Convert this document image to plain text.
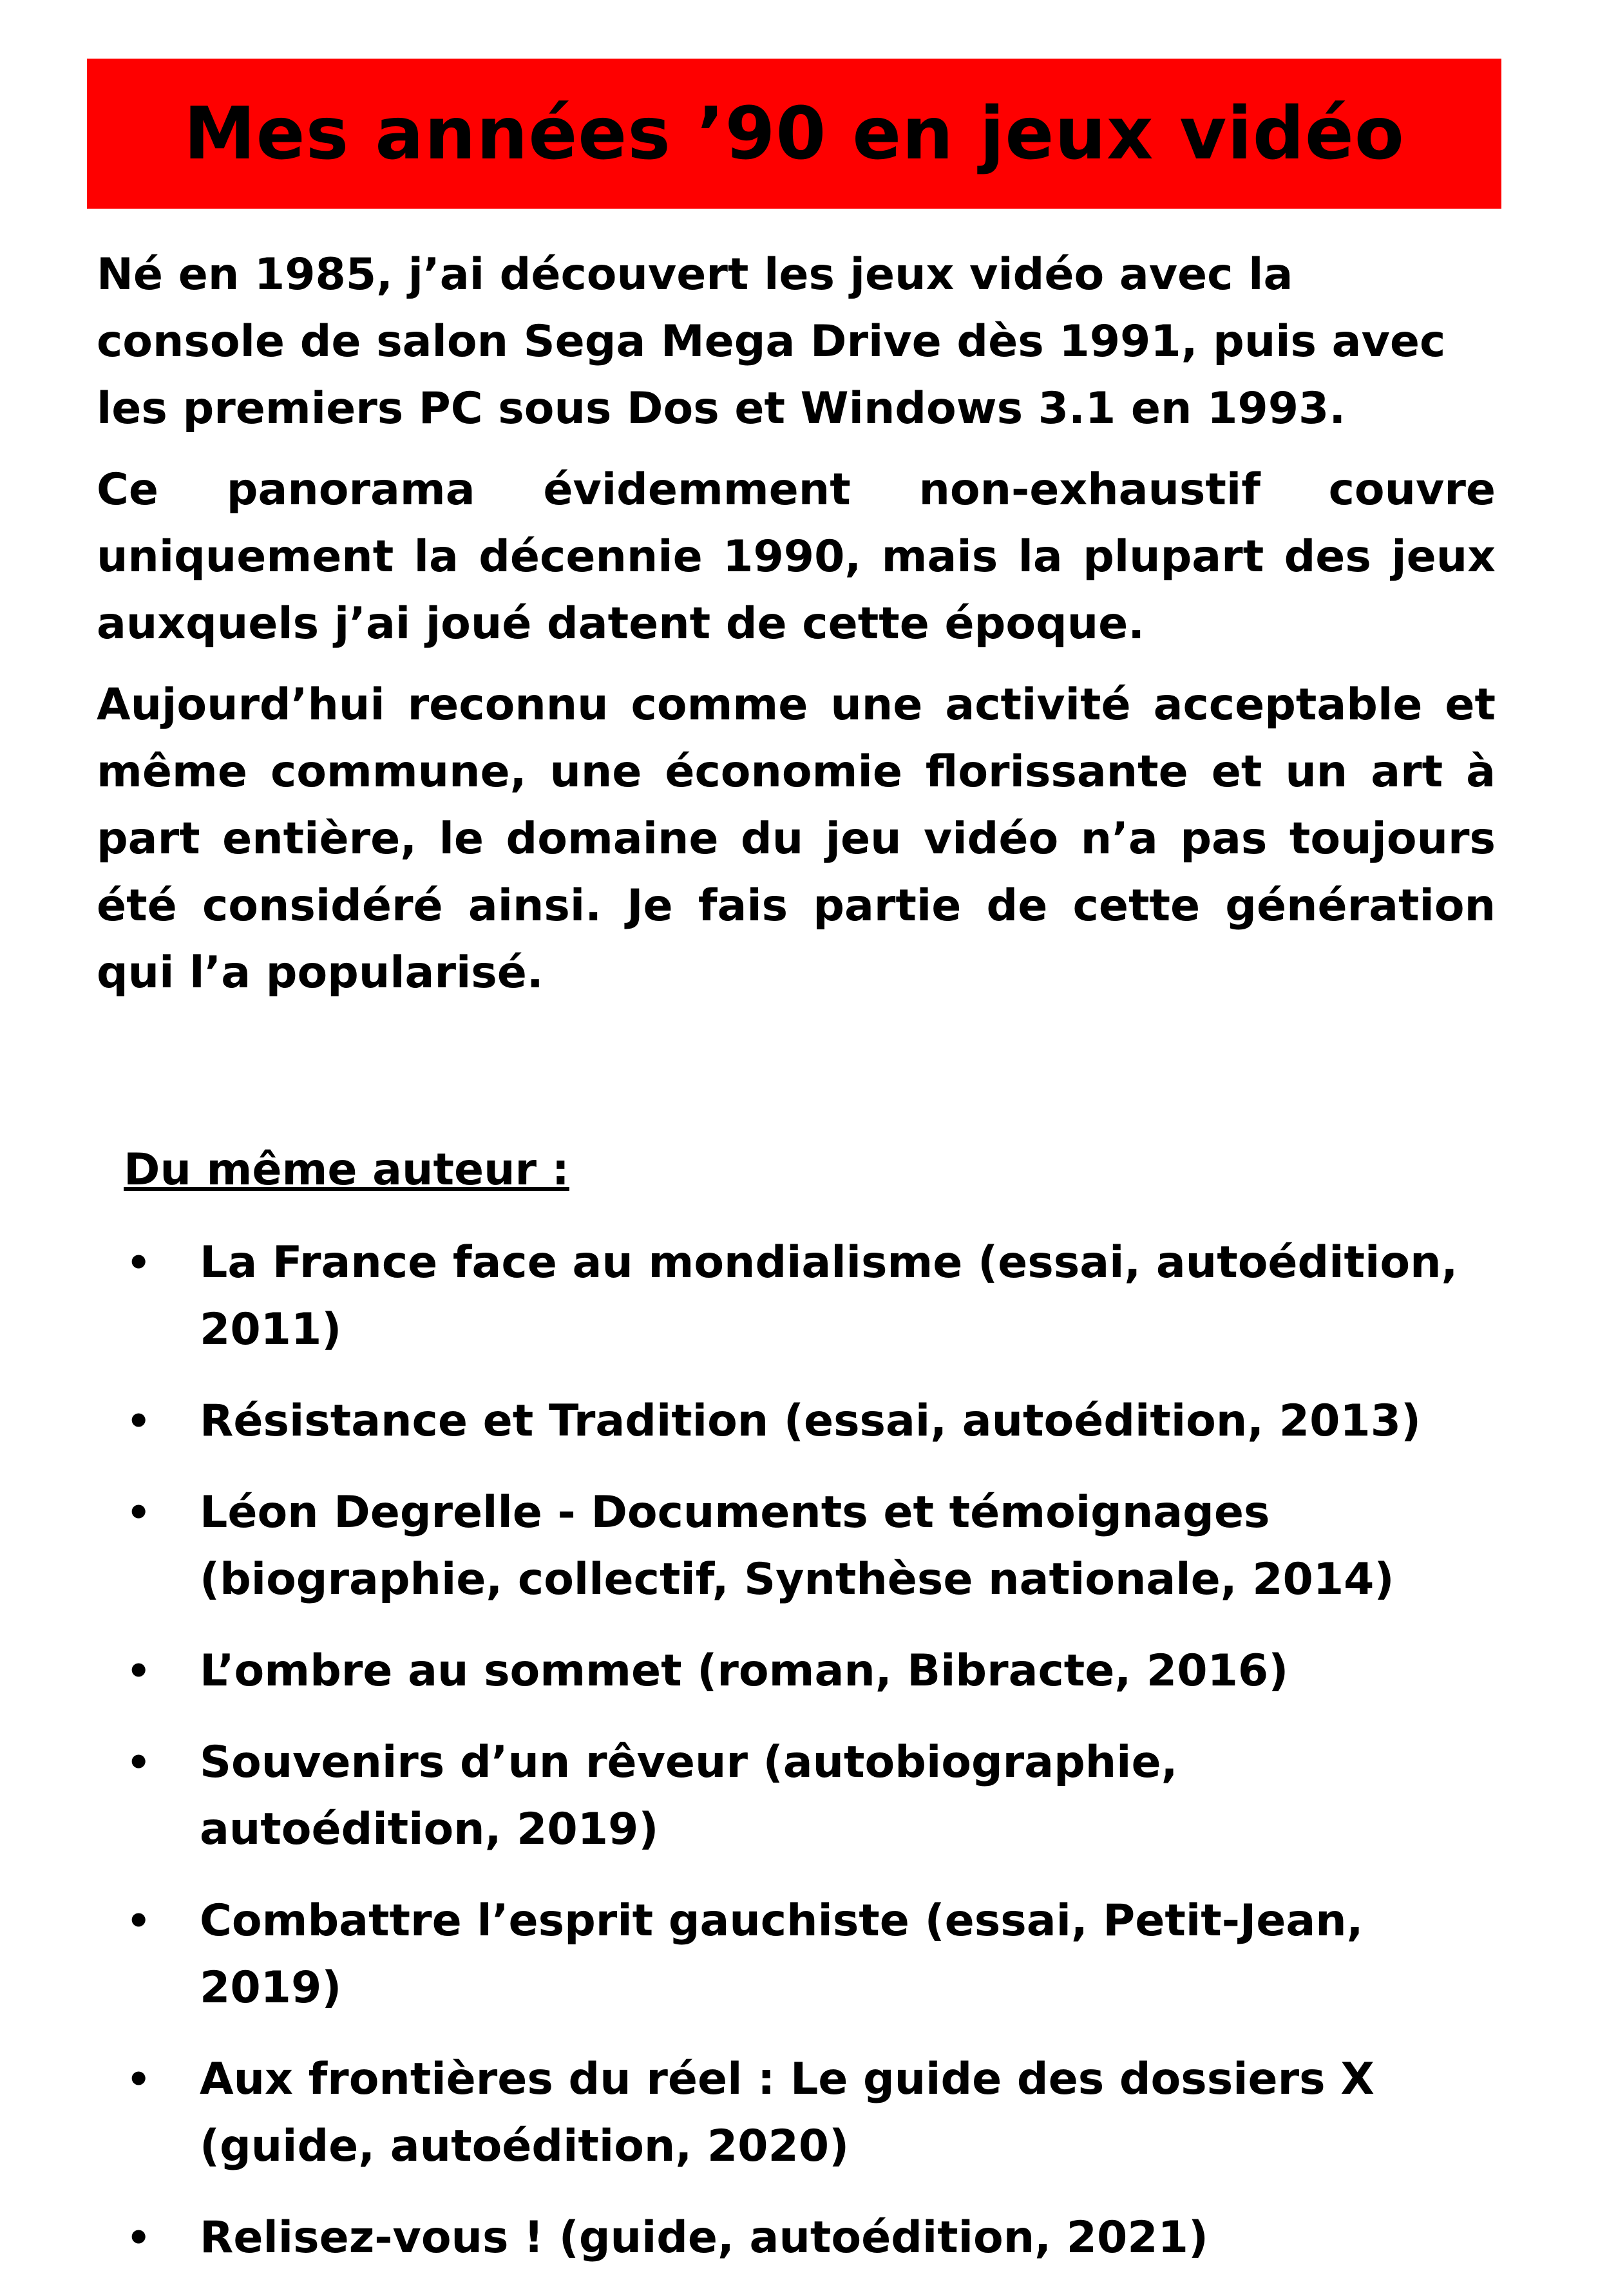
Mes années ’90 en jeux vidéo

Né en 1985, j’ai découvert les jeux vidéo avec la console de salon Sega Mega Drive dès 1991, puis avec les premiers PC sous Dos et Windows 3.1 en 1993.

Ce panorama évidemment non-exhaustif couvre uniquement la décennie 1990, mais la plupart des jeux auxquels j’ai joué datent de cette époque.

Aujourd’hui reconnu comme une activité acceptable et même commune, une économie florissante et un art à part entière, le domaine du jeu vidéo n’a pas toujours été considéré ainsi. Je fais partie de cette génération qui l’a popularisé.

Du même auteur :
• La France face au mondialisme (essai, autoédition, 2011)
• Résistance et Tradition (essai, autoédition, 2013)
• Léon Degrelle - Documents et témoignages (biographie, collectif, Synthèse nationale, 2014)
• L’ombre au sommet (roman, Bibracte, 2016)
• Souvenirs d’un rêveur (autobiographie, autoédition, 2019)
• Combattre l’esprit gauchiste (essai, Petit-Jean, 2019)
• Aux frontières du réel : Le guide des dossiers X (guide, autoédition, 2020)
• Relisez-vous ! (guide, autoédition, 2021)
